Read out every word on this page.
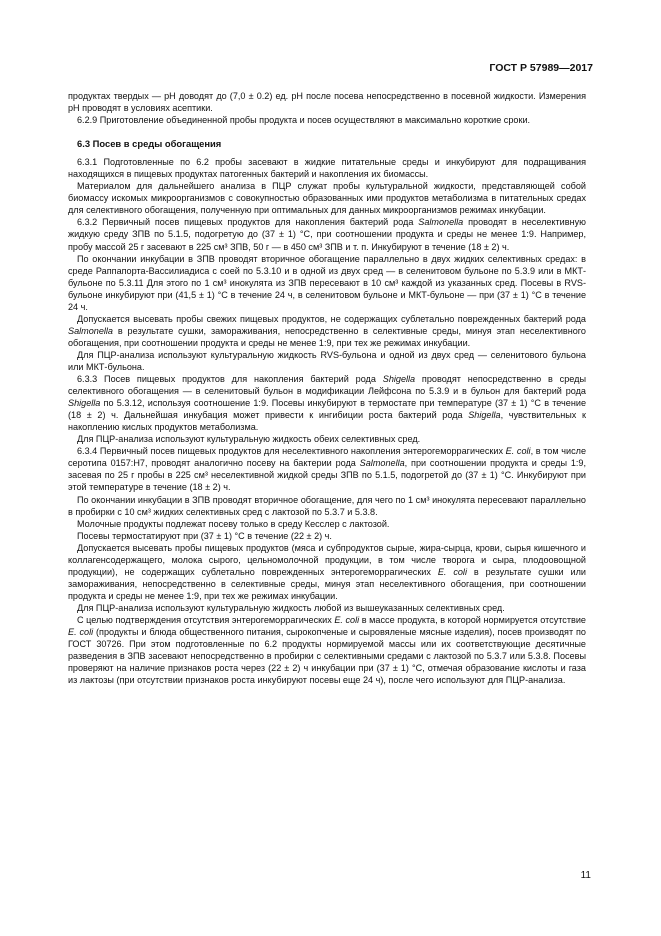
ГОСТ Р 57989—2017

продуктах твердых — pH доводят до (7,0 ± 0.2) ед. pH после посева непосредственно в посевной жидкости. Измерения pH проводят в условиях асептики.

6.2.9 Приготовление объединенной пробы продукта и посев осуществляют в максимально короткие сроки.

6.3 Посев в среды обогащения

6.3.1 Подготовленные по 6.2 пробы засевают в жидкие питательные среды и инкубируют для подращивания находящихся в пищевых продуктах патогенных бактерий и накопления их биомассы.

Материалом для дальнейшего анализа в ПЦР служат пробы культуральной жидкости, представляющей собой биомассу искомых микроорганизмов с совокупностью образованных ими продуктов метаболизма в питательных средах для селективного обогащения, полученную при оптимальных для данных микроорганизмов режимах инкубации.

6.3.2 Первичный посев пищевых продуктов для накопления бактерий рода Salmonella проводят в неселективную жидкую среду ЗПВ по 5.1.5, подогретую до (37 ± 1) °С, при соотношении продукта и среды не менее 1:9. Например, пробу массой 25 г засевают в 225 см³ ЗПВ, 50 г — в 450 см³ ЗПВ и т. п. Инкубируют в течение (18 ± 2) ч.

По окончании инкубации в ЗПВ проводят вторичное обогащение параллельно в двух жидких селективных средах: в среде Раппапорта-Вассилиадиса с соей по 5.3.10 и в одной из двух сред — в селенитовом бульоне по 5.3.9 или в МКТ-бульоне по 5.3.11 Для этого по 1 см³ инокулята из ЗПВ пересевают в 10 см³ каждой из указанных сред. Посевы в RVS-бульоне инкубируют при (41,5 ± 1) °С в течение 24 ч, в селенитовом бульоне и МКТ-бульоне — при (37 ± 1) °С в течение 24 ч.

Допускается высевать пробы свежих пищевых продуктов, не содержащих сублетально поврежденных бактерий рода Salmonella в результате сушки, замораживания, непосредственно в селективные среды, минуя этап неселективного обогащения, при соотношении продукта и среды не менее 1:9, при тех же режимах инкубации.

Для ПЦР-анализа используют культуральную жидкость RVS-бульона и одной из двух сред — селенитового бульона или МКТ-бульона.

6.3.3 Посев пищевых продуктов для накопления бактерий рода Shigella проводят непосредственно в среды селективного обогащения — в селенитовый бульон в модификации Лейфсона по 5.3.9 и в бульон для бактерий рода Shigella по 5.3.12, используя соотношение 1:9. Посевы инкубируют в термостате при температуре (37 ± 1) °С в течение (18 ± 2) ч. Дальнейшая инкубация может привести к ингибиции роста бактерий рода Shigella, чувствительных к накоплению кислых продуктов метаболизма.

Для ПЦР-анализа используют культуральную жидкость обеих селективных сред.

6.3.4 Первичный посев пищевых продуктов для неселективного накопления энтерогеморрагических E. coli, в том числе серотипа 0157:H7, проводят аналогично посеву на бактерии рода Salmonella, при соотношении продукта и среды 1:9, засевая по 25 г пробы в 225 см³ неселективной жидкой среды ЗПВ по 5.1.5, подогретой до (37 ± 1) °С. Инкубируют при этой температуре в течение (18 ± 2) ч.

По окончании инкубации в ЗПВ проводят вторичное обогащение, для чего по 1 см³ инокулята пересевают параллельно в пробирки с 10 см³ жидких селективных сред с лактозой по 5.3.7 и 5.3.8.

Молочные продукты подлежат посеву только в среду Кесслер с лактозой.

Посевы термостатируют при (37 ± 1) °С в течение (22 ± 2) ч.

Допускается высевать пробы пищевых продуктов (мяса и субпродуктов сырые, жира-сырца, крови, сырья кишечного и коллагенсодержащего, молока сырого, цельномолочной продукции, в том числе творога и сыра, плодоовощной продукции), не содержащих сублетально поврежденных энтерогеморрагических E. coli в результате сушки или замораживания, непосредственно в селективные среды, минуя этап неселективного обогащения, при соотношении продукта и среды не менее 1:9, при тех же режимах инкубации.

Для ПЦР-анализа используют культуральную жидкость любой из вышеуказанных селективных сред.

С целью подтверждения отсутствия энтерогеморрагических E. coli в массе продукта, в которой нормируется отсутствие E. coli (продукты и блюда общественного питания, сырокопченые и сыровяленые мясные изделия), посев производят по ГОСТ 30726. При этом подготовленные по 6.2 продукты нормируемой массы или их соответствующие десятичные разведения в ЗПВ засевают непосредственно в пробирки с селективными средами с лактозой по 5.3.7 или 5.3.8. Посевы проверяют на наличие признаков роста через (22 ± 2) ч инкубации при (37 ± 1) °С, отмечая образование кислоты и газа из лактозы (при отсутствии признаков роста инкубируют посевы еще 24 ч), после чего используют для ПЦР-анализа.

11
